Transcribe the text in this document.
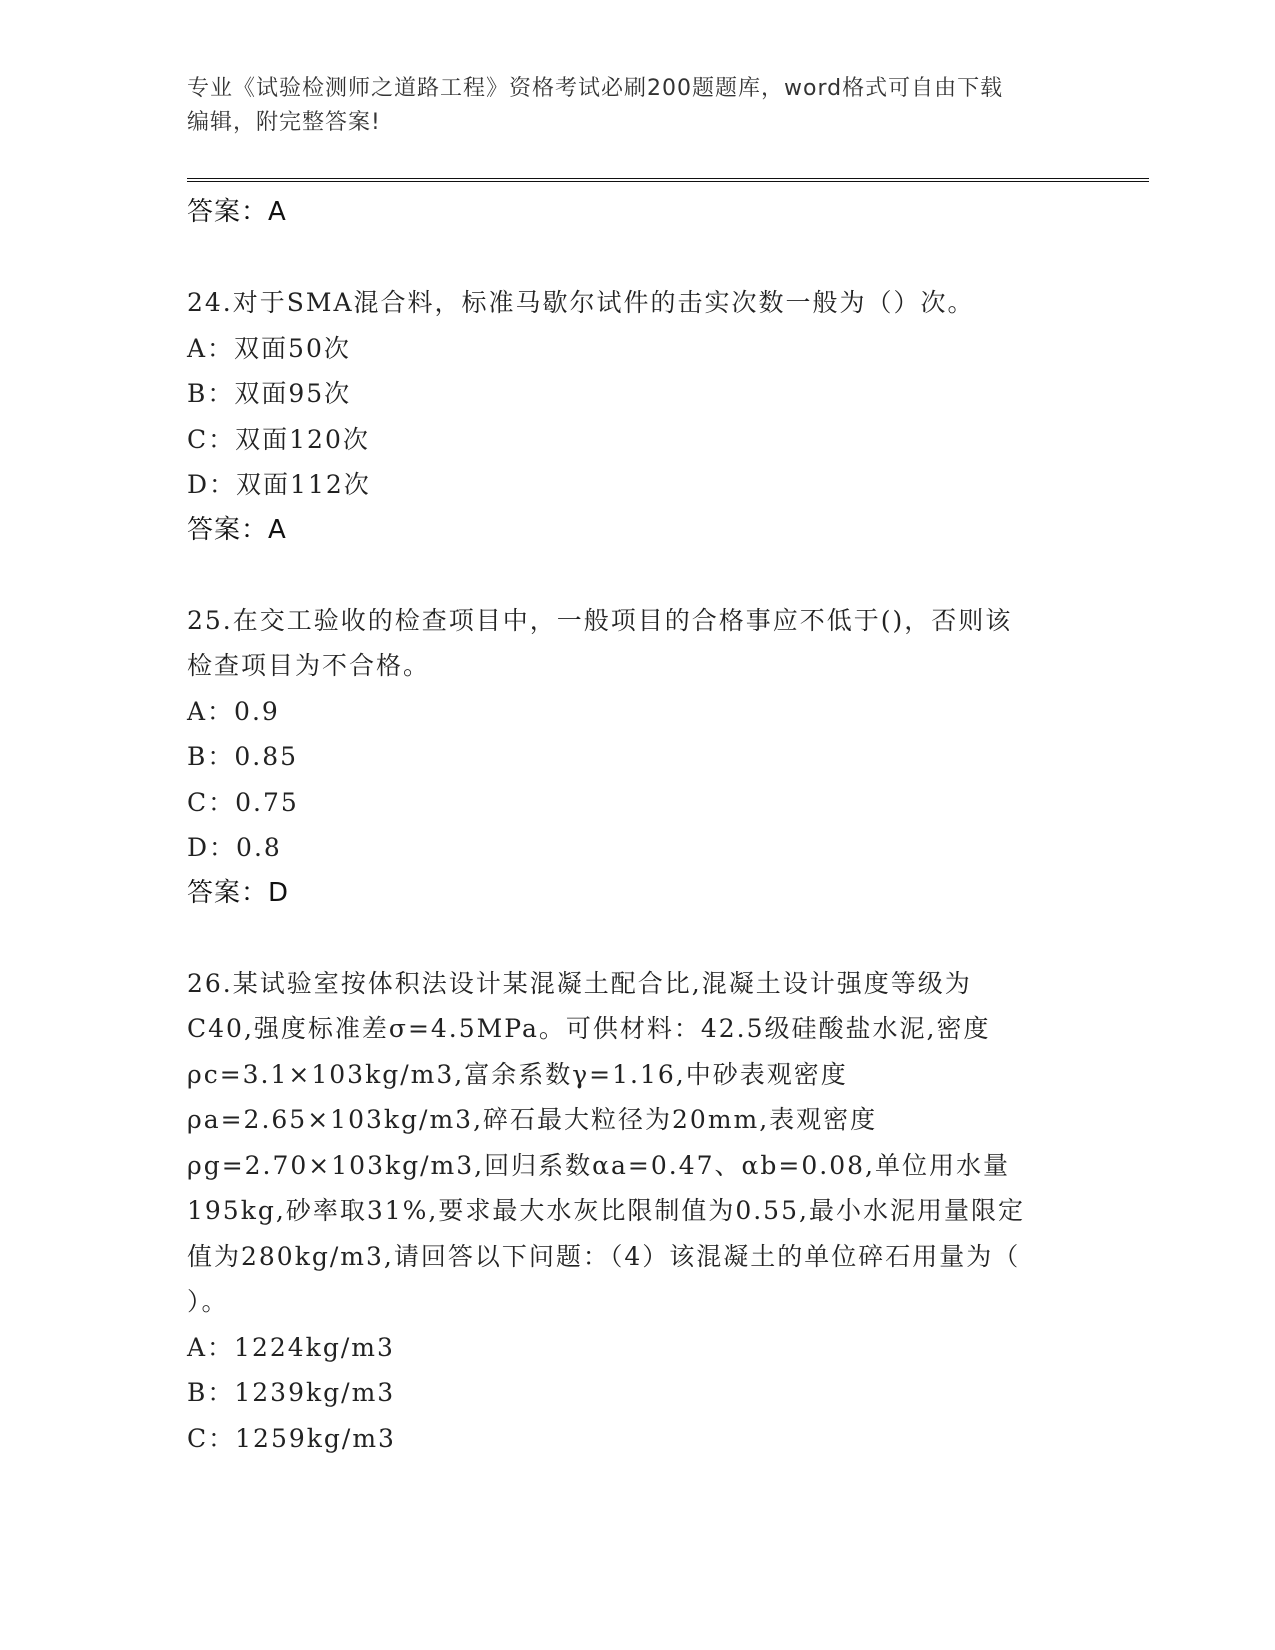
专业《试验检测师之道路工程》资格考试必刷200题题库，word格式可自由下载
编辑，附完整答案!
答案：A
24.对于SMA混合料，标准马歇尔试件的击实次数一般为（）次。
A：双面50次
B：双面95次
C：双面120次
D：双面112次
答案：A
25.在交工验收的检查项目中，一般项目的合格事应不低于()，否则该
检查项目为不合格。
A：0.9
B：0.85
C：0.75
D：0.8
答案：D
26.某试验室按体积法设计某混凝土配合比,混凝土设计强度等级为
C40,强度标准差σ=4.5MPa。可供材料：42.5级硅酸盐水泥,密度
ρc=3.1×103kg/m3,富余系数γ=1.16,中砂表观密度
ρa=2.65×103kg/m3,碎石最大粒径为20mm,表观密度
ρg=2.70×103kg/m3,回归系数αa=0.47、αb=0.08,单位用水量
195kg,砂率取31%,要求最大水灰比限制值为0.55,最小水泥用量限定
值为280kg/m3,请回答以下问题：（4）该混凝土的单位碎石用量为（
）。
A：1224kg/m3
B：1239kg/m3
C：1259kg/m3
